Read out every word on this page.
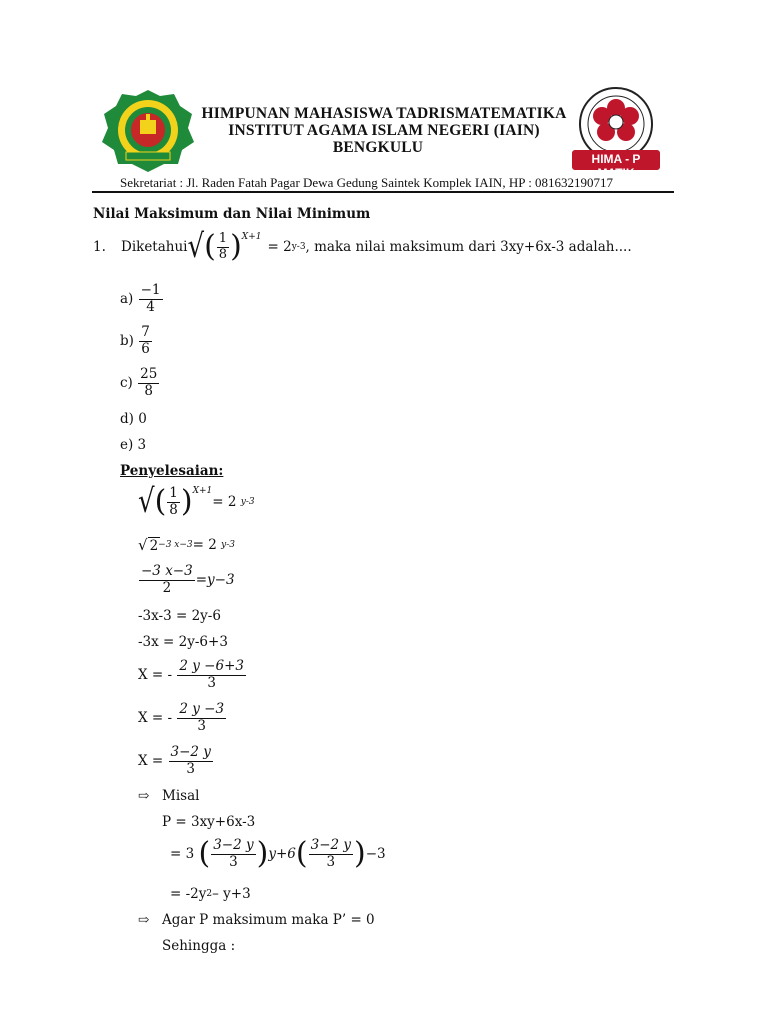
HIMA - P MATIK
HIMPUNAN MAHASISWA TADRISMATEMATIKA
INSTITUT AGAMA ISLAM NEGERI (IAIN)
BENGKULU
Sekretariat : Jl. Raden Fatah Pagar Dewa Gedung Saintek Komplek IAIN, HP : 081632190717
Nilai Maksimum dan Nilai Minimum
1.	Diketahui √ ( $\frac{1}{8}$ ) X+1
= 2 y-3 , maka nilai maksimum dari 3xy+6x-3 adalah....
a)
$\frac{-1}{4}$
b)
$\frac{7}{6}$
c)
$\frac{25}{8}$
d) 0
e) 3
Penyelesaian:
√ ( $\frac{1}{8}$ ) X+1
= 2
y-3
√ 2 −3 x−3 = 2
y-3
$\frac{-3 x-3}{2} =y-3$
-3x-3 = 2y-6
-3x = 2y-6+3
X = -
$\frac{2 y -6+3}{3}$
X = -
$\frac{2 y -3}{3}$
X =
$\frac{3-2 y}{3}$
⇨ Misal
P = 3xy+6x-3
= 3
( $\frac{3-2 y}{3}$ ) y+6 ( $\frac{3-2 y}{3}$ ) −3
= -2y 2 – y+3
⇨ Agar P maksimum maka P’ = 0
Sehingga :
